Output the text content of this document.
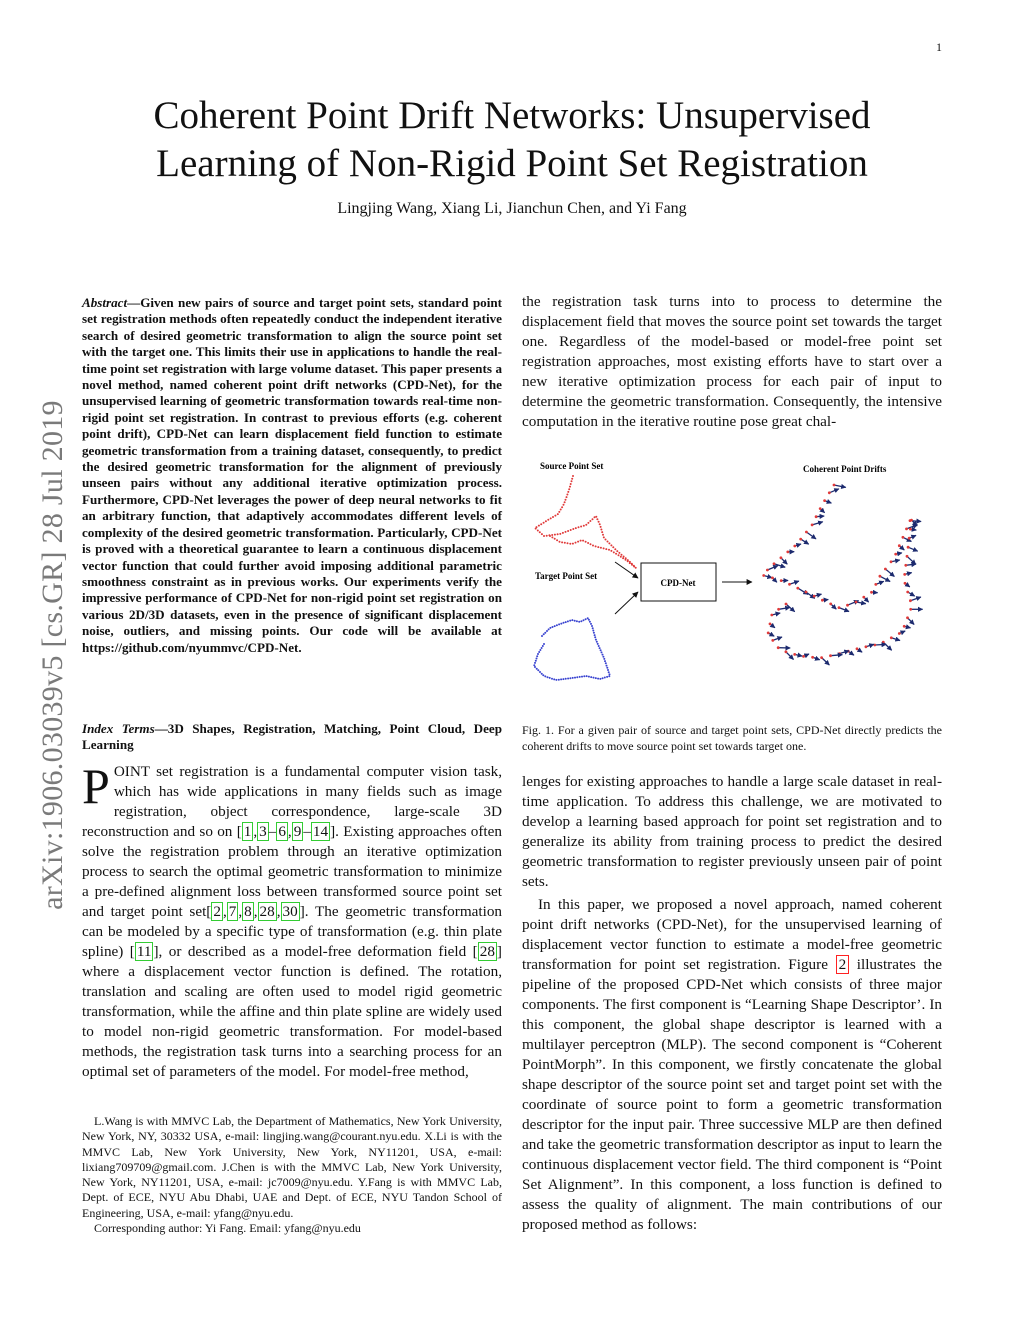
1
arXiv:1906.03039v5 [cs.GR] 28 Jul 2019
Coherent Point Drift Networks: Unsupervised
Learning of Non-Rigid Point Set Registration
Lingjing Wang, Xiang Li, Jianchun Chen, and Yi Fang
Abstract—Given new pairs of source and target point sets, standard point set registration methods often repeatedly conduct the independent iterative search of desired geometric transformation to align the source point set with the target one. This limits their use in applications to handle the real-time point set registration with large volume dataset. This paper presents a novel method, named coherent point drift networks (CPD-Net), for the unsupervised learning of geometric transformation towards real-time non-rigid point set registration. In contrast to previous efforts (e.g. coherent point drift), CPD-Net can learn displacement field function to estimate geometric transformation from a training dataset, consequently, to predict the desired geometric transformation for the alignment of previously unseen pairs without any additional iterative optimization process. Furthermore, CPD-Net leverages the power of deep neural networks to fit an arbitrary function, that adaptively accommodates different levels of complexity of the desired geometric transformation. Particularly, CPD-Net is proved with a theoretical guarantee to learn a continuous displacement vector function that could further avoid imposing additional parametric smoothness constraint as in previous works. Our experiments verify the impressive performance of CPD-Net for non-rigid point set registration on various 2D/3D datasets, even in the presence of significant displacement noise, outliers, and missing points. Our code will be available at https://github.com/nyummvc/CPD-Net.
Index Terms—3D Shapes, Registration, Matching, Point Cloud, Deep Learning
POINT set registration is a fundamental computer vision task, which has wide applications in many fields such as image registration, object correspondence, large-scale 3D reconstruction and so on [ 1 , 3 – 6 , 9 – 14 ]. Existing approaches often solve the registration problem through an iterative optimization process to search the optimal geometric transformation to minimize a pre-defined alignment loss between transformed source point set and target point set[ 2 , 7 , 8 , 28 , 30 ]. The geometric transformation can be modeled by a specific type of transformation (e.g. thin plate spline) [ 11 ], or described as a model-free deformation field [ 28 ] where a displacement vector function is defined. The rotation, translation and scaling are often used to model rigid geometric transformation, while the affine and thin plate spline are widely used to model non-rigid geometric transformation. For model-based methods, the registration task turns into a searching process for an optimal set of parameters of the model. For model-free method,

L.Wang is with MMVC Lab, the Department of Mathematics, New York University, New York, NY, 30332 USA, e-mail: lingjing.wang@courant.nyu.edu. X.Li is with the MMVC Lab, New York University, New York, NY11201, USA, e-mail: lixiang709709@gmail.com. J.Chen is with the MMVC Lab, New York University, New York, NY11201, USA, e-mail: jc7009@nyu.edu. Y.Fang is with MMVC Lab, Dept. of ECE, NYU Abu Dhabi, UAE and Dept. of ECE, NYU Tandon School of Engineering, USA, e-mail: yfang@nyu.edu.

Corresponding author: Yi Fang. Email: yfang@nyu.edu

the registration task turns into to process to determine the displacement field that moves the source point set towards the target one. Regardless of the model-based or model-free point set registration approaches, most existing efforts have to start over a new iterative optimization process for each pair of input to determine the geometric transformation. Consequently, the intensive computation in the iterative routine pose great chal-
Source Point Set
Target Point Set
Coherent Point Drifts
CPD-Net
Fig. 1. For a given pair of source and target point sets, CPD-Net directly predicts the coherent drifts to move source point set towards target one.

lenges for existing approaches to handle a large scale dataset in real-time application. To address this challenge, we are motivated to develop a learning based approach for point set registration and to generalize its ability from training process to predict the desired geometric transformation to register previously unseen pair of point sets.

In this paper, we proposed a novel approach, named coherent point drift networks (CPD-Net), for the unsupervised learning of displacement vector function to estimate a model-free geometric transformation for point set registration. Figure 2 illustrates the pipeline of the proposed CPD-Net which consists of three major components. The first component is “Learning Shape Descriptor’. In this component, the global shape descriptor is learned with a multilayer perceptron (MLP). The second component is “Coherent PointMorph”. In this component, we firstly concatenate the global shape descriptor of the source point set and target point set with the coordinate of source point to form a geometric transformation descriptor for the input pair. Three successive MLP are then defined and take the geometric transformation descriptor as input to learn the continuous displacement vector field. The third component is “Point Set Alignment”. In this component, a loss function is defined to assess the quality of alignment. The main contributions of our proposed method as follows:
